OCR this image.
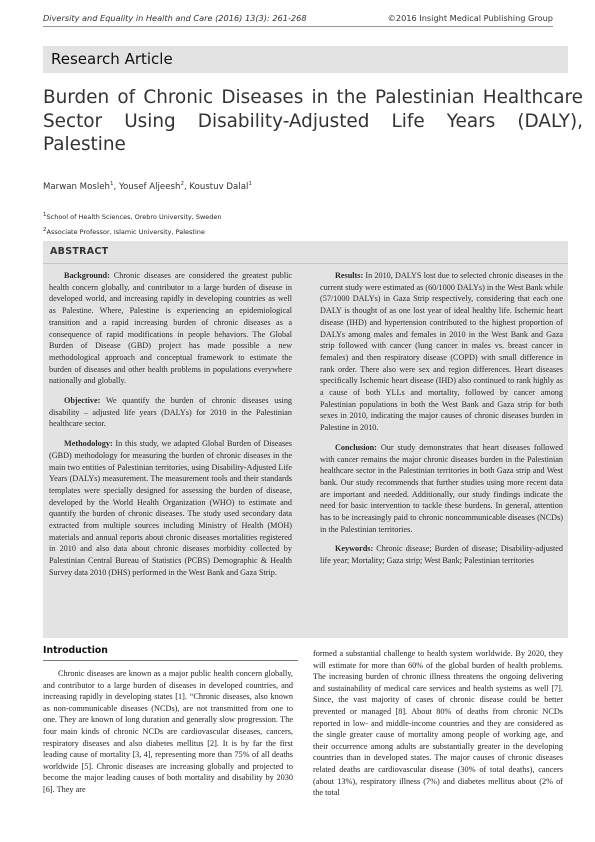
Diversity and Equality in Health and Care (2016) 13(3): 261-268	©2016 Insight Medical Publishing Group
Research Article
Burden of Chronic Diseases in the Palestinian Healthcare Sector Using Disability-Adjusted Life Years (DALY), Palestine
Marwan Mosleh$^1$, Yousef Aljeesh$^2$, Koustuv Dalal$^1$
$^1$School of Health Sciences, Orebro University, Sweden
$^2$Associate Professor, Islamic University, Palestine
ABSTRACT

Background: Chronic diseases are considered the greatest public health concern globally, and contributor to a large burden of disease in developed world, and increasing rapidly in developing countries as well as Palestine. Where, Palestine is experiencing an epidemiological transition and a rapid increasing burden of chronic diseases as a consequence of rapid modifications in people behaviors. The Global Burden of Disease (GBD) project has made possible a new methodological approach and conceptual framework to estimate the burden of diseases and other health problems in populations everywhere nationally and globally.

Objective: We quantify the burden of chronic diseases using disability – adjusted life years (DALYs) for 2010 in the Palestinian healthcare sector.

Methodology: In this study, we adapted Global Burden of Diseases (GBD) methodology for measuring the burden of chronic diseases in the main two entities of Palestinian territories, using Disability-Adjusted Life Years (DALYs) measurement. The measurement tools and their standards templates were specially designed for assessing the burden of disease, developed by the World Health Organization (WHO) to estimate and quantify the burden of chronic diseases. The study used secondary data extracted from multiple sources including Ministry of Health (MOH) materials and annual reports about chronic diseases mortalities registered in 2010 and also data about chronic diseases morbidity collected by Palestinian Central Bureau of Statistics (PCBS) Demographic & Health Survey data 2010 (DHS) performed in the West Bank and Gaza Strip.

Results: In 2010, DALYS lost due to selected chronic diseases in the current study were estimated as (60/1000 DALYs) in the West Bank while (57/1000 DALYs) in Gaza Strip respectively, considering that each one DALY is thought of as one lost year of ideal healthy life. Ischemic heart disease (IHD) and hypertension contributed to the highest proportion of DALYs among males and females in 2010 in the West Bank and Gaza strip followed with cancer (lung cancer in males vs. breast cancer in females) and then respiratory disease (COPD) with small difference in rank order. There also were sex and region differences. Heart diseases specifically Ischemic heart disease (IHD) also continued to rank highly as a cause of both YLLs and mortality, followed by cancer among Palestinian populations in both the West Bank and Gaza strip for both sexes in 2010, indicating the major causes of chronic diseases burden in Palestine in 2010.

Conclusion: Our study demonstrates that heart diseases followed with cancer remains the major chronic diseases burden in the Palestinian healthcare sector in the Palestinian territories in both Gaza strip and West bank. Our study recommends that further studies using more recent data are important and needed. Additionally, our study findings indicate the need for basic intervention to tackle these burdens. In general, attention has to be increasingly paid to chronic noncommunicable diseases (NCDs) in the Palestinian territories.

Keywords: Chronic disease; Burden of disease; Disability-adjusted life year; Mortality; Gaza strip; West Bank; Palestinian territories

Introduction

Chronic diseases are known as a major public health concern globally, and contributor to a large burden of diseases in developed countries, and increasing rapidly in developing states [1]. “Chronic diseases, also known as non-communicable diseases (NCDs), are not transmitted from one to one. They are known of long duration and generally slow progression. The four main kinds of chronic NCDs are cardiovascular diseases, cancers, respiratory diseases and also diabetes mellitus [2]. It is by far the first leading cause of mortality [3, 4], representing more than 75% of all deaths worldwide [5]. Chronic diseases are increasing globally and projected to become the major leading causes of both mortality and disability by 2030 [6]. They are

formed a substantial challenge to health system worldwide. By 2020, they will estimate for more than 60% of the global burden of health problems. The increasing burden of chronic illness threatens the ongoing delivering and sustainability of medical care services and health systems as well [7]. Since, the vast majority of cases of chronic disease could be better prevented or managed [8]. About 80% of deaths from chronic NCDs reported in low- and middle-income countries and they are considered as the single greater cause of mortality among people of working age, and their occurrence among adults are substantially greater in the developing countries than in developed states. The major causes of chronic diseases related deaths are cardiovascular disease (30% of total deaths), cancers (about 13%), respiratory illness (7%) and diabetes mellitus about (2% of the total
